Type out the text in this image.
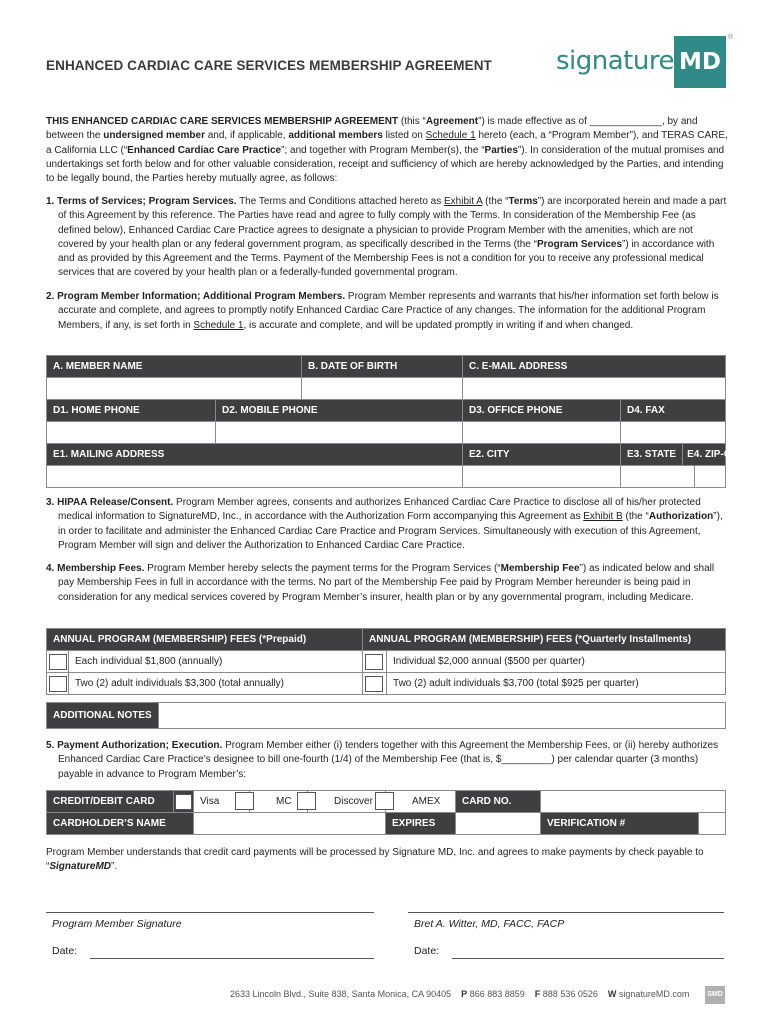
ENHANCED CARDIAC CARE SERVICES MEMBERSHIP AGREEMENT signature MD
®
THIS ENHANCED CARDIAC CARE SERVICES MEMBERSHIP AGREEMENT (this “Agreement”) is made effective as of _____________, by and between the undersigned member and, if applicable, additional members listed on Schedule 1 hereto (each, a “Program Member”), and TERAS CARE, a California LLC (“Enhanced Cardiac Care Practice”; and together with Program Member(s), the “Parties”). In consideration of the mutual promises and undertakings set forth below and for other valuable consideration, receipt and sufficiency of which are hereby acknowledged by the Parties, and intending to be legally bound, the Parties hereby mutually agree, as follows:
1. Terms of Services; Program Services. The Terms and Conditions attached hereto as Exhibit A (the “Terms”) are incorporated herein and made a part of this Agreement by this reference. The Parties have read and agree to fully comply with the Terms. In consideration of the Membership Fee (as defined below), Enhanced Cardiac Care Practice agrees to designate a physician to provide Program Member with the amenities, which are not covered by your health plan or any federal government program, as specifically described in the Terms (the “Program Services”) in accordance with and as provided by this Agreement and the Terms. Payment of the Membership Fees is not a condition for you to receive any professional medical services that are covered by your health plan or a federally-funded governmental program.
2. Program Member Information; Additional Program Members. Program Member represents and warrants that his/her information set forth below is accurate and complete, and agrees to promptly notify Enhanced Cardiac Care Practice of any changes. The information for the additional Program Members, if any, is set forth in Schedule 1, is accurate and complete, and will be updated promptly in writing if and when changed.
A. MEMBER NAME		B. DATE OF BIRTH	C. E-MAIL ADDRESS	

D1. HOME PHONE	D2. MOBILE PHONE		D3. OFFICE PHONE	D4. FAX

E1. MAILING ADDRESS			E2. CITY	E3. STATE E4. ZIP-CODE

3. HIPAA Release/Consent. Program Member agrees, consents and authorizes Enhanced Cardiac Care Practice to disclose all of his/her protected medical information to SignatureMD, Inc., in accordance with the Authorization Form accompanying this Agreement as Exhibit B (the “Authorization”), in order to facilitate and administer the Enhanced Cardiac Care Practice and Program Services. Simultaneously with execution of this Agreement, Program Member will sign and deliver the Authorization to Enhanced Cardiac Care Practice.
4. Membership Fees. Program Member hereby selects the payment terms for the Program Services (“Membership Fee”) as indicated below and shall pay Membership Fees in full in accordance with the terms. No part of the Membership Fee paid by Program Member hereunder is being paid in consideration for any medical services covered by Program Member’s insurer, health plan or by any governmental program, including Medicare.
ANNUAL PROGRAM (MEMBERSHIP) FEES (*Prepaid)		ANNUAL PROGRAM (MEMBERSHIP) FEES (*Quarterly Installments)	
	Each individual $1,800 (annually)		Individual $2,000 annual ($500 per quarter)
	Two (2) adult individuals $3,300 (total annually)		Two (2) adult individuals $3,700 (total $925 per quarter)
ADDITIONAL NOTES	
5. Payment Authorization; Execution. Program Member either (i) tenders together with this Agreement the Membership Fees, or (ii) hereby authorizes Enhanced Cardiac Care Practice’s designee to bill one-fourth (1/4) of the Membership Fee (that is, $_________) per calendar quarter (3 months) payable in advance to Program Member’s:
CREDIT/DEBIT CARD		Visa	MC	Discover	AMEX	CARD NO.		
CARDHOLDER’S NAME					EXPIRES		VERIFICATION #	
Program Member understands that credit card payments will be processed by Signature MD, Inc. and agrees to make payments by check payable to “SignatureMD”.
Program Member Signature	Bret A. Witter, MD, FACC, FACP
Date:	Date:
2633 Lincoln Blvd., Suite 838, Santa Monica, CA 90405 P 866 883 8859 F 888 536 0526 W signatureMD.com	SMD
